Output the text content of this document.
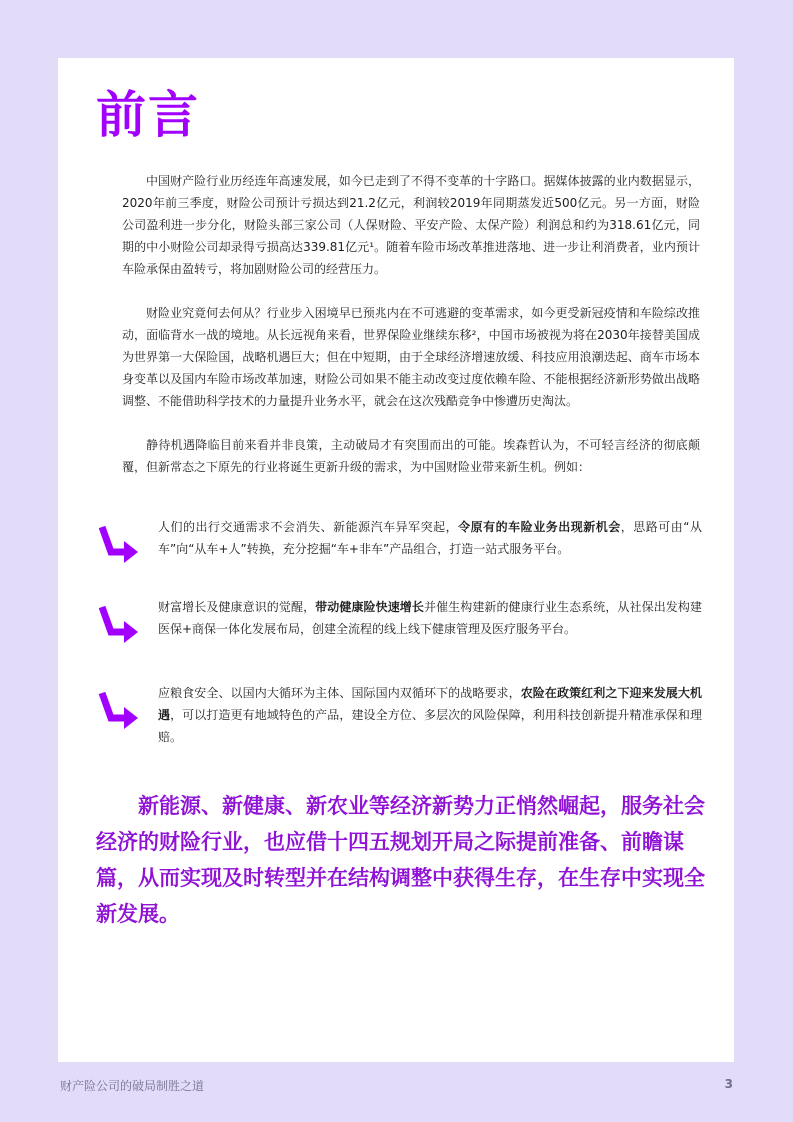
前言

中国财产险行业历经连年高速发展，如今已走到了不得不变革的十字路口。据媒体披露的业内数据显示，2020年前三季度，财险公司预计亏损达到21.2亿元，利润较2019年同期蒸发近500亿元。另一方面，财险公司盈利进一步分化，财险头部三家公司（人保财险、平安产险、太保产险）利润总和约为318.61亿元，同期的中小财险公司却录得亏损高达339.81亿元¹。随着车险市场改革推进落地、进一步让利消费者，业内预计车险承保由盈转亏，将加剧财险公司的经营压力。

财险业究竟何去何从？行业步入困境早已预兆内在不可逃避的变革需求，如今更受新冠疫情和车险综改推动，面临背水一战的境地。从长远视角来看，世界保险业继续东移²，中国市场被视为将在2030年接替美国成为世界第一大保险国，战略机遇巨大；但在中短期，由于全球经济增速放缓、科技应用浪潮迭起、商车市场本身变革以及国内车险市场改革加速，财险公司如果不能主动改变过度依赖车险、不能根据经济新形势做出战略调整、不能借助科学技术的力量提升业务水平，就会在这次残酷竞争中惨遭历史淘汰。

静待机遇降临目前来看并非良策，主动破局才有突围而出的可能。埃森哲认为，不可轻言经济的彻底颠覆，但新常态之下原先的行业将诞生更新升级的需求，为中国财险业带来新生机。例如：

人们的出行交通需求不会消失、新能源汽车异军突起，令原有的车险业务出现新机会，思路可由“从车”向“从车+人”转换，充分挖掘“车+非车”产品组合，打造一站式服务平台。

财富增长及健康意识的觉醒，带动健康险快速增长并催生构建新的健康行业生态系统，从社保出发构建医保+商保一体化发展布局，创建全流程的线上线下健康管理及医疗服务平台。

应粮食安全、以国内大循环为主体、国际国内双循环下的战略要求，农险在政策红利之下迎来发展大机遇，可以打造更有地域特色的产品，建设全方位、多层次的风险保障，利用科技创新提升精准承保和理赔。

新能源、新健康、新农业等经济新势力正悄然崛起，服务社会经济的财险行业，也应借十四五规划开局之际提前准备、前瞻谋篇，从而实现及时转型并在结构调整中获得生存，在生存中实现全新发展。

财产险公司的破局制胜之道	3
